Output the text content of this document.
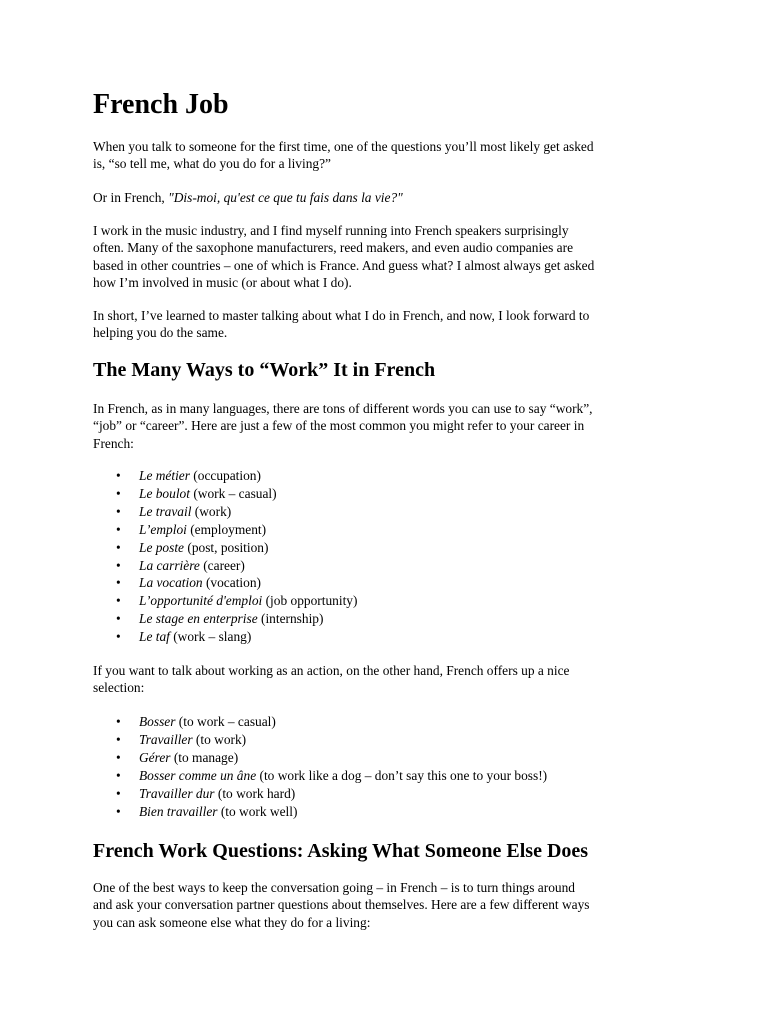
French Job

When you talk to someone for the first time, one of the questions you’ll most likely get asked
is, “so tell me, what do you do for a living?”

Or in French, "Dis-moi, qu'est ce que tu fais dans la vie?"

I work in the music industry, and I find myself running into French speakers surprisingly
often. Many of the saxophone manufacturers, reed makers, and even audio companies are
based in other countries – one of which is France. And guess what? I almost always get asked
how I’m involved in music (or about what I do).

In short, I’ve learned to master talking about what I do in French, and now, I look forward to
helping you do the same.

The Many Ways to “Work” It in French

In French, as in many languages, there are tons of different words you can use to say “work”,
“job” or “career”. Here are just a few of the most common you might refer to your career in
French:

• Le métier (occupation)
• Le boulot (work – casual)
• Le travail (work)
• L’emploi (employment)
• Le poste (post, position)
• La carrière (career)
• La vocation (vocation)
• L’opportunité d'emploi (job opportunity)
• Le stage en enterprise (internship)
• Le taf (work – slang)

If you want to talk about working as an action, on the other hand, French offers up a nice
selection:

• Bosser (to work – casual)
• Travailler (to work)
• Gérer (to manage)
• Bosser comme un âne (to work like a dog – don’t say this one to your boss!)
• Travailler dur (to work hard)
• Bien travailler (to work well)
French Work Questions: Asking What Someone Else Does

One of the best ways to keep the conversation going – in French – is to turn things around
and ask your conversation partner questions about themselves. Here are a few different ways
you can ask someone else what they do for a living:
